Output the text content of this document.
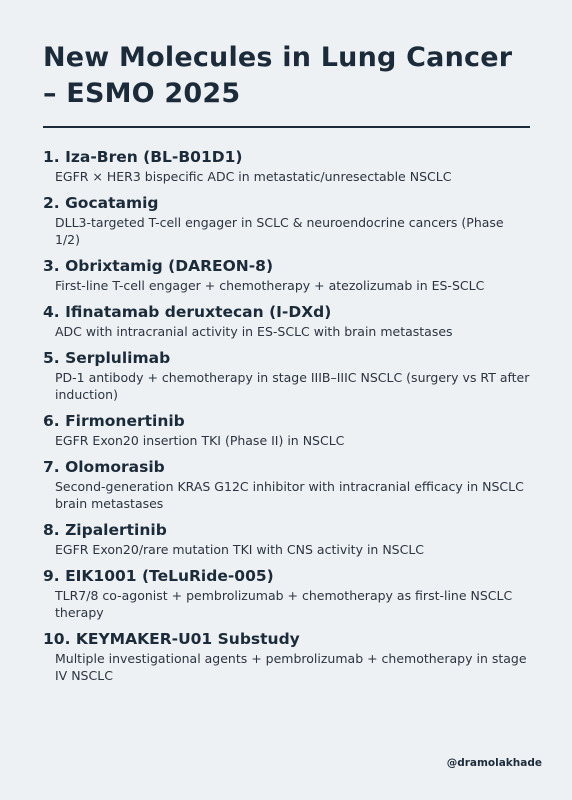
New Molecules in Lung Cancer – ESMO 2025
1. Iza-Bren (BL-B01D1)
EGFR × HER3 bispecific ADC in metastatic/unresectable NSCLC
2. Gocatamig
DLL3-targeted T-cell engager in SCLC & neuroendocrine cancers (Phase 1/2)
3. Obrixtamig (DAREON-8)
First-line T-cell engager + chemotherapy + atezolizumab in ES-SCLC
4. Ifinatamab deruxtecan (I-DXd)
ADC with intracranial activity in ES-SCLC with brain metastases
5. Serplulimab
PD-1 antibody + chemotherapy in stage IIIB–IIIC NSCLC (surgery vs RT after induction)
6. Firmonertinib
EGFR Exon20 insertion TKI (Phase II) in NSCLC
7. Olomorasib
Second-generation KRAS G12C inhibitor with intracranial efficacy in NSCLC brain metastases
8. Zipalertinib
EGFR Exon20/rare mutation TKI with CNS activity in NSCLC
9. EIK1001 (TeLuRide-005)
TLR7/8 co-agonist + pembrolizumab + chemotherapy as first-line NSCLC therapy
10. KEYMAKER-U01 Substudy
Multiple investigational agents + pembrolizumab + chemotherapy in stage IV NSCLC
@dramolakhade
